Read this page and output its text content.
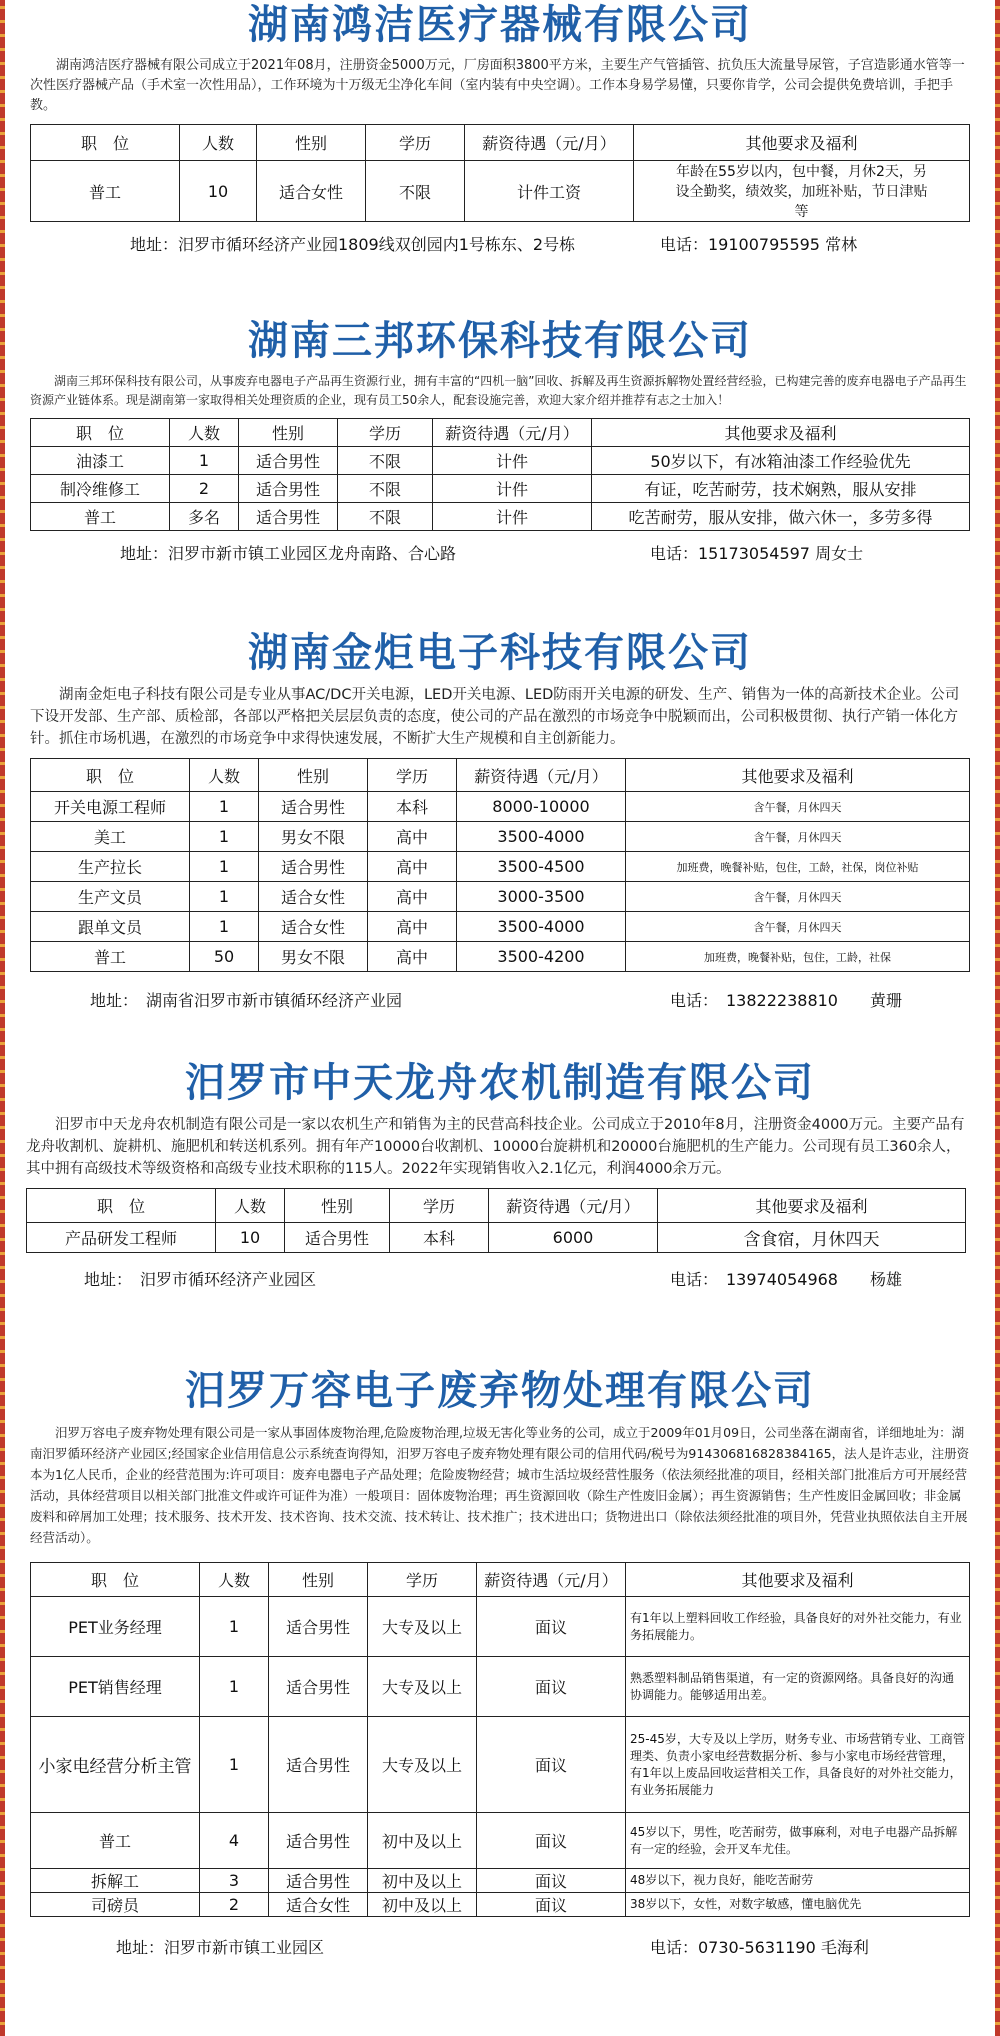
湖南鸿洁医疗器械有限公司

湖南鸿洁医疗器械有限公司成立于2021年08月，注册资金5000万元，厂房面积3800平方米，主要生产气管插管、抗负压大流量导尿管，子宫造影通水管等一次性医疗器械产品（手术室一次性用品），工作环境为十万级无尘净化车间（室内装有中央空调）。工作本身易学易懂，只要你肯学，公司会提供免费培训，手把手教。

职　位	人数	性别	学历	薪资待遇（元/月）	其他要求及福利
普工	10	适合女性	不限	计件工资	年龄在55岁以内，包中餐，月休2天，另设全勤奖，绩效奖，加班补贴，节日津贴等
地址：汨罗市循环经济产业园1809线双创园内1号栋东、2号栋	电话：19100795595 常林
湖南三邦环保科技有限公司

湖南三邦环保科技有限公司，从事废弃电器电子产品再生资源行业，拥有丰富的“四机一脑”回收、拆解及再生资源拆解物处置经营经验，已构建完善的废弃电器电子产品再生资源产业链体系。现是湖南第一家取得相关处理资质的企业，现有员工50余人，配套设施完善，欢迎大家介绍并推荐有志之士加入！

职　位	人数	性别	学历	薪资待遇（元/月）	其他要求及福利
油漆工	1	适合男性	不限	计件	50岁以下，有冰箱油漆工作经验优先
制冷维修工	2	适合男性	不限	计件	有证，吃苦耐劳，技术娴熟，服从安排
普工	多名	适合男性	不限	计件	吃苦耐劳，服从安排，做六休一，多劳多得
地址：汨罗市新市镇工业园区龙舟南路、合心路	电话：15173054597 周女士
湖南金炬电子科技有限公司

湖南金炬电子科技有限公司是专业从事AC/DC开关电源，LED开关电源、LED防雨开关电源的研发、生产、销售为一体的高新技术企业。公司下设开发部、生产部、质检部，各部以严格把关层层负责的态度，使公司的产品在激烈的市场竞争中脱颖而出，公司积极贯彻、执行产销一体化方针。抓住市场机遇，在激烈的市场竞争中求得快速发展，不断扩大生产规模和自主创新能力。

职　位	人数	性别	学历	薪资待遇（元/月）	其他要求及福利
开关电源工程师	1	适合男性	本科	8000-10000	含午餐，月休四天
美工	1	男女不限	高中	3500-4000	含午餐，月休四天
生产拉长	1	适合男性	高中	3500-4500	加班费，晚餐补贴，包住，工龄，社保，岗位补贴
生产文员	1	适合女性	高中	3000-3500	含午餐，月休四天
跟单文员	1	适合女性	高中	3500-4000	含午餐，月休四天
普工	50	男女不限	高中	3500-4200	加班费，晚餐补贴，包住，工龄，社保
地址：　湖南省汨罗市新市镇循环经济产业园	电话：　13822238810　　黄珊
汨罗市中天龙舟农机制造有限公司

汨罗市中天龙舟农机制造有限公司是一家以农机生产和销售为主的民营高科技企业。公司成立于2010年8月，注册资金4000万元。主要产品有龙舟收割机、旋耕机、施肥机和转送机系列。拥有年产10000台收割机、10000台旋耕机和20000台施肥机的生产能力。公司现有员工360余人，其中拥有高级技术等级资格和高级专业技术职称的115人。2022年实现销售收入2.1亿元，利润4000余万元。

职　位	人数	性别	学历	薪资待遇（元/月）	其他要求及福利
产品研发工程师	10	适合男性	本科	6000	含食宿，月休四天
地址：　汨罗市循环经济产业园区	电话：　13974054968　　杨雄
汨罗万容电子废弃物处理有限公司

汨罗万容电子废弃物处理有限公司是一家从事固体废物治理,危险废物治理,垃圾无害化等业务的公司，成立于2009年01月09日，公司坐落在湖南省，详细地址为：湖南汨罗循环经济产业园区;经国家企业信用信息公示系统查询得知，汨罗万容电子废弃物处理有限公司的信用代码/税号为914306816828384165，法人是许志业，注册资本为1亿人民币，企业的经营范围为:许可项目：废弃电器电子产品处理；危险废物经营；城市生活垃圾经营性服务（依法须经批准的项目，经相关部门批准后方可开展经营活动，具体经营项目以相关部门批准文件或许可证件为准）一般项目：固体废物治理；再生资源回收（除生产性废旧金属）；再生资源销售；生产性废旧金属回收；非金属废料和碎屑加工处理；技术服务、技术开发、技术咨询、技术交流、技术转让、技术推广；技术进出口；货物进出口（除依法须经批准的项目外，凭营业执照依法自主开展经营活动）。

职　位	人数	性别	学历	薪资待遇（元/月）	其他要求及福利
PET业务经理	1	适合男性	大专及以上	面议	有1年以上塑料回收工作经验，具备良好的对外社交能力，有业务拓展能力。
PET销售经理	1	适合男性	大专及以上	面议	熟悉塑料制品销售渠道，有一定的资源网络。具备良好的沟通协调能力。能够适用出差。
小家电经营分析主管	1	适合男性	大专及以上	面议	25-45岁，大专及以上学历，财务专业、市场营销专业、工商管理类、负责小家电经营数据分析、参与小家电市场经营管理，有1年以上废品回收运营相关工作，具备良好的对外社交能力，有业务拓展能力
普工	4	适合男性	初中及以上	面议	45岁以下，男性，吃苦耐劳，做事麻利，对电子电器产品拆解有一定的经验，会开叉车尤佳。
拆解工	3	适合男性	初中及以上	面议	48岁以下，视力良好，能吃苦耐劳
司磅员	2	适合女性	初中及以上	面议	38岁以下，女性，对数字敏感，懂电脑优先
地址：汨罗市新市镇工业园区	电话：0730-5631190 毛海利
